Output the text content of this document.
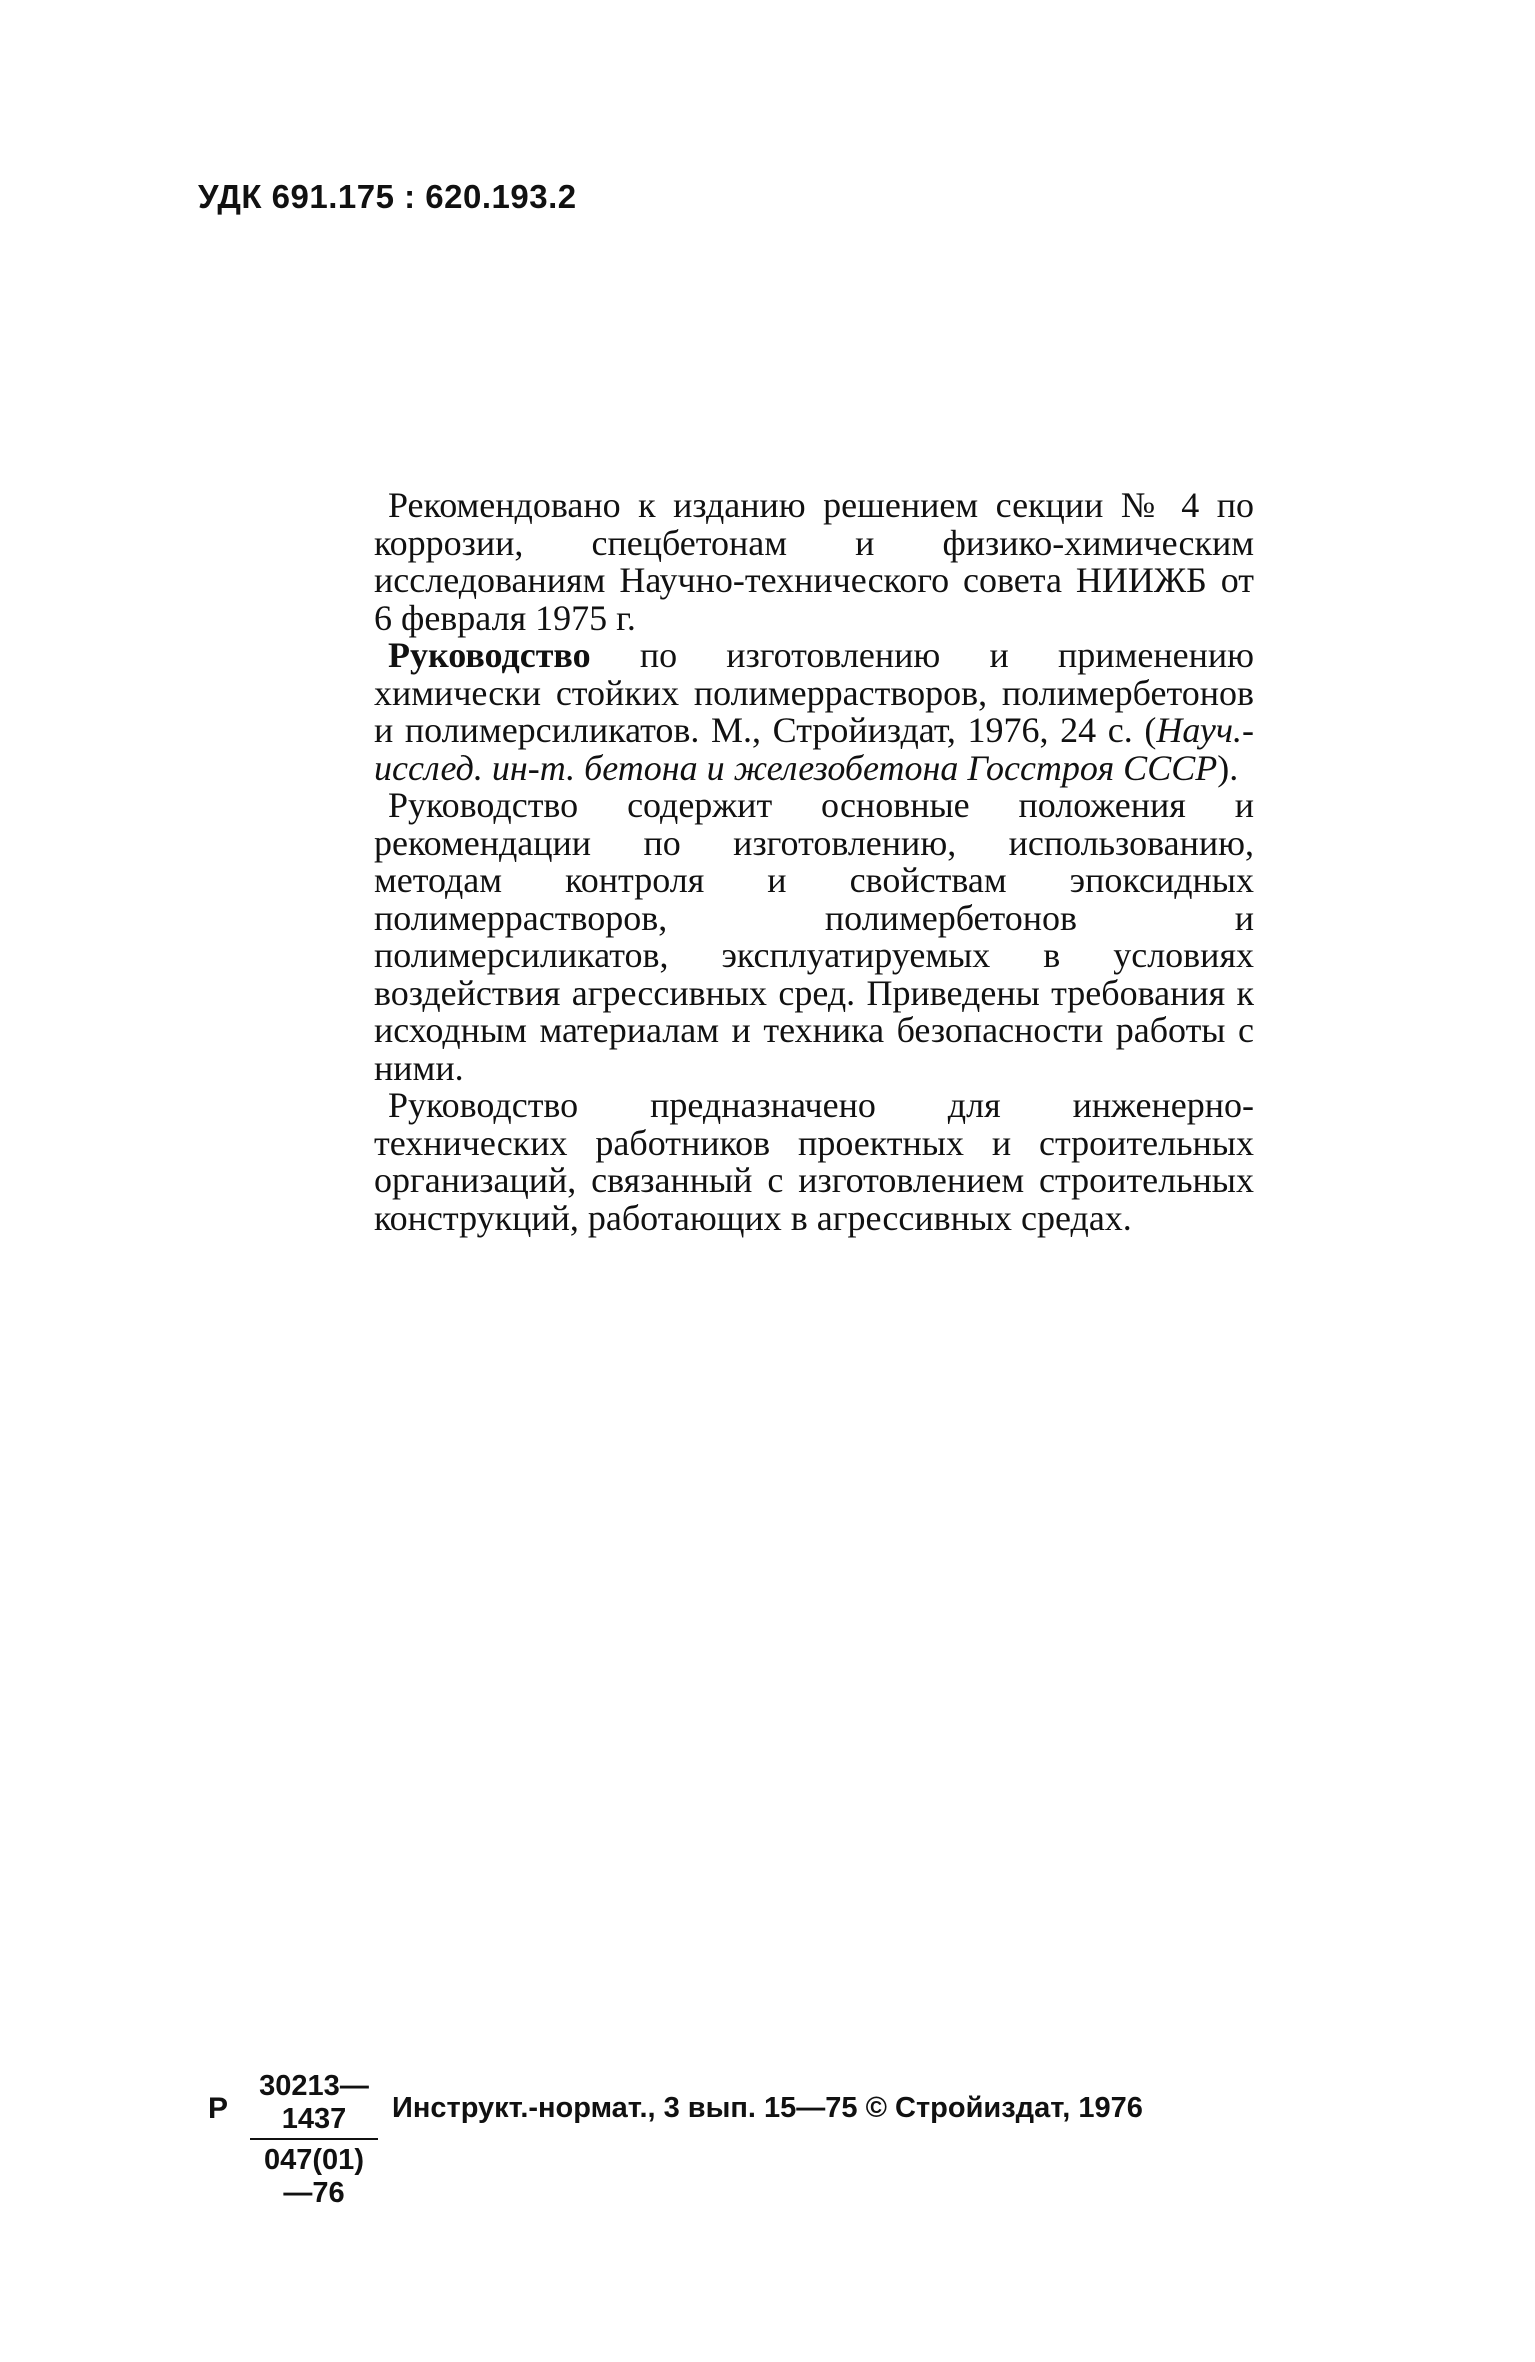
УДК 691.175 : 620.193.2

Рекомендовано к изданию решением секции № 4 по коррозии, спецбетонам и физико-химическим исследованиям Научно-технического совета НИИЖБ от 6 февраля 1975 г.

Руководство по изготовлению и применению химически стойких полимеррастворов, полимербетонов и полимерсиликатов. М., Стройиздат, 1976, 24 с. (Науч.-исслед. ин-т. бетона и железобетона Госстроя СССР).

Руководство содержит основные положения и рекомендации по изготовлению, использованию, методам контроля и свойствам эпоксидных полимеррастворов, полимербетонов и полимерсиликатов, эксплуатируемых в условиях воздействия агрессивных сред. Приведены требования к исходным материалам и техника безопасности работы с ними.

Руководство предназначено для инженерно-технических работников проектных и строительных организаций, связанный с изготовлением строительных конструкций, работающих в агрессивных средах.

Р $\frac{30213—1437}{047(01)—76}$ Инструкт.-нормат., 3 вып. 15—75 © Стройиздат, 1976
